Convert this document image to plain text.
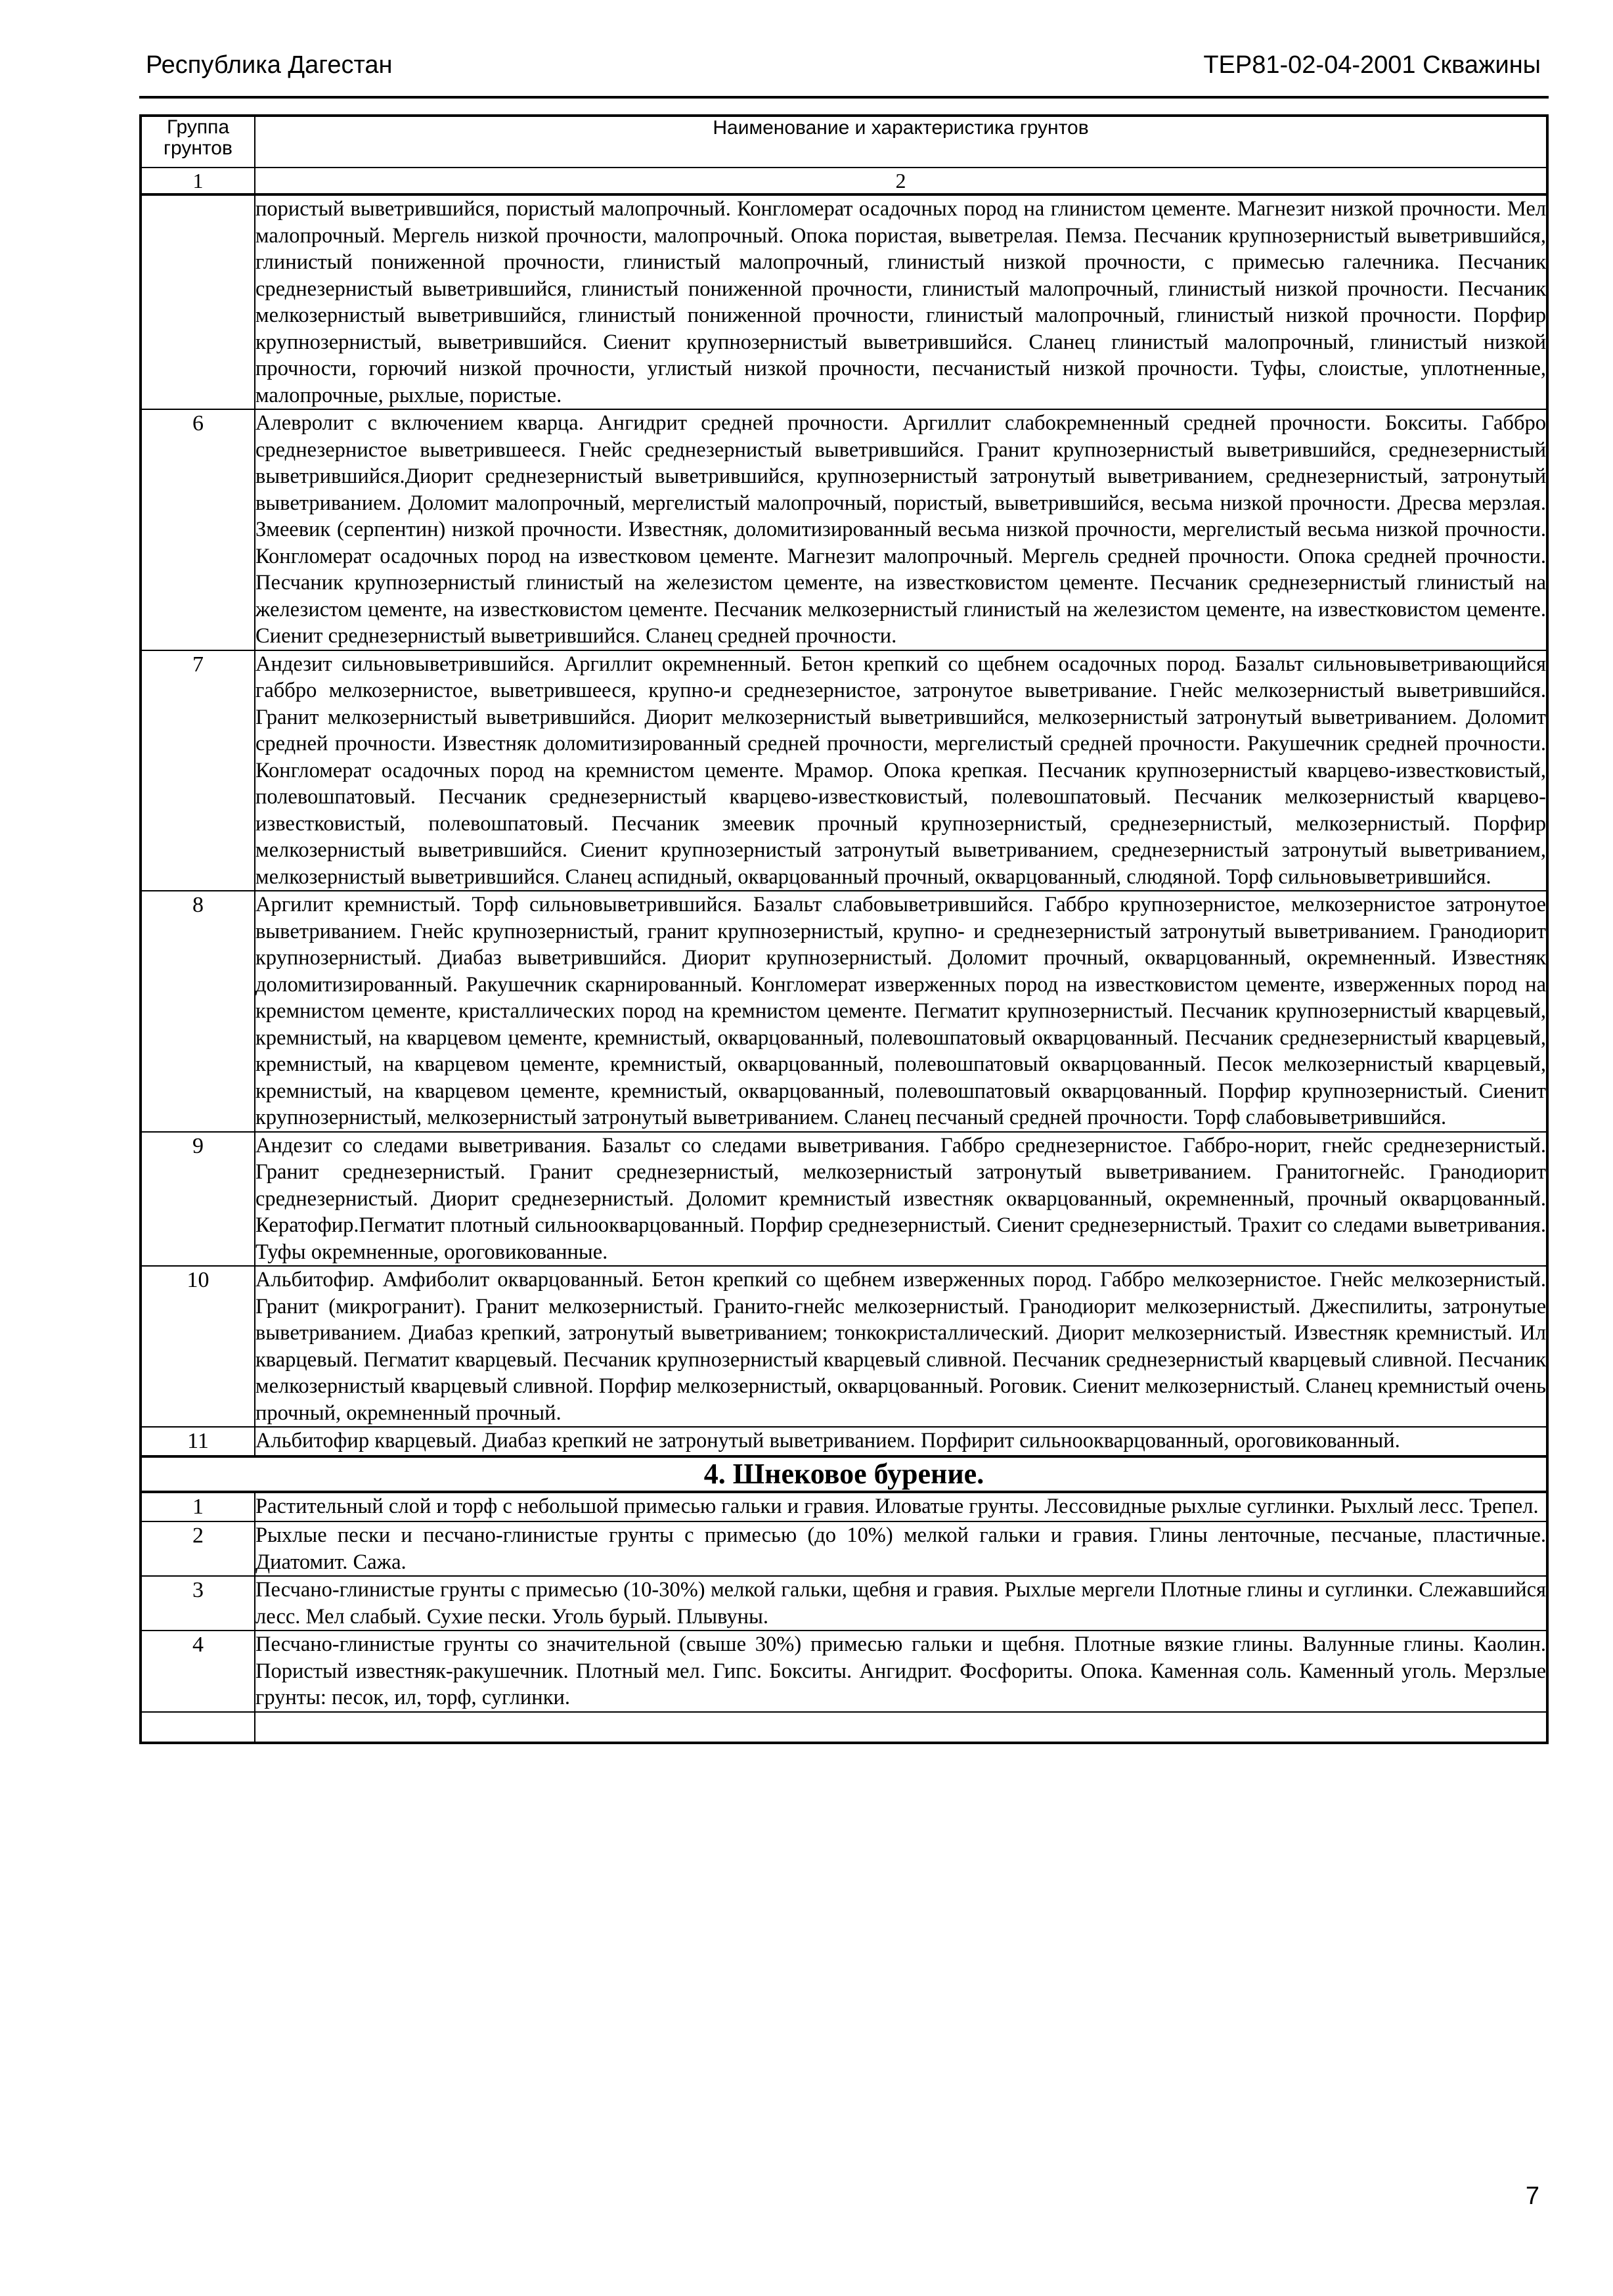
Республика Дагестан	ТЕР81-02-04-2001 Скважины
Группа грунтов	Наименование и характеристика грунтов
1	2
	пористый выветрившийся, пористый малопрочный. Конгломерат осадочных пород на глинистом цементе. Магнезит низкой прочности. Мел малопрочный. Мергель низкой прочности, малопрочный. Опока пористая, выветрелая. Пемза. Песчаник крупнозернистый выветрившийся, глинистый пониженной прочности, глинистый малопрочный, глинистый низкой прочности, с примесью галечника. Песчаник среднезернистый выветрившийся, глинистый пониженной прочности, глинистый малопрочный, глинистый низкой прочности. Песчаник мелкозернистый выветрившийся, глинистый пониженной прочности, глинистый малопрочный, глинистый низкой прочности. Порфир крупнозернистый, выветрившийся. Сиенит крупнозернистый выветрившийся. Сланец глинистый малопрочный, глинистый низкой прочности, горючий низкой прочности, углистый низкой прочности, песчанистый низкой прочности. Туфы, слоистые, уплотненные, малопрочные, рыхлые, пористые.
6	Алевролит с включением кварца. Ангидрит средней прочности. Аргиллит слабокремненный средней прочности. Бокситы. Габбро среднезернистое выветрившееся. Гнейс среднезернистый выветрившийся. Гранит крупнозернистый выветрившийся, среднезернистый выветрившийся.Диорит среднезернистый выветрившийся, крупнозернистый затронутый выветриванием, среднезернистый, затронутый выветриванием. Доломит малопрочный, мергелистый малопрочный, пористый, выветрившийся, весьма низкой прочности. Дресва мерзлая. Змеевик (серпентин) низкой прочности. Известняк, доломитизированный весьма низкой прочности, мергелистый весьма низкой прочности. Конгломерат осадочных пород на известковом цементе. Магнезит малопрочный. Мергель средней прочности. Опока средней прочности. Песчаник крупнозернистый глинистый на железистом цементе, на известковистом цементе. Песчаник среднезернистый глинистый на железистом цементе, на известковистом цементе. Песчаник мелкозернистый глинистый на железистом цементе, на известковистом цементе. Сиенит среднезернистый выветрившийся. Сланец средней прочности.
7	Андезит сильновыветрившийся. Аргиллит окремненный. Бетон крепкий со щебнем осадочных пород. Базальт сильновыветривающийся габбро мелкозернистое, выветрившееся, крупно-и среднезернистое, затронутое выветривание. Гнейс мелкозернистый выветрившийся. Гранит мелкозернистый выветрившийся. Диорит мелкозернистый выветрившийся, мелкозернистый затронутый выветриванием. Доломит средней прочности. Известняк доломитизированный средней прочности, мергелистый средней прочности. Ракушечник средней прочности. Конгломерат осадочных пород на кремнистом цементе. Мрамор. Опока крепкая. Песчаник крупнозернистый кварцево-известковистый, полевошпатовый. Песчаник среднезернистый кварцево-известковистый, полевошпатовый. Песчаник мелкозернистый кварцево-известковистый, полевошпатовый. Песчаник змеевик прочный крупнозернистый, среднезернистый, мелкозернистый. Порфир мелкозернистый выветрившийся. Сиенит крупнозернистый затронутый выветриванием, среднезернистый затронутый выветриванием, мелкозернистый выветрившийся. Сланец аспидный, окварцованный прочный, окварцованный, слюдяной. Торф сильновыветрившийся.
8	Аргилит кремнистый. Торф сильновыветрившийся. Базальт слабовыветрившийся. Габбро крупнозернистое, мелкозернистое затронутое выветриванием. Гнейс крупнозернистый, гранит крупнозернистый, крупно- и среднезернистый затронутый выветриванием. Гранодиорит крупнозернистый. Диабаз выветрившийся. Диорит крупнозернистый. Доломит прочный, окварцованный, окремненный. Известняк доломитизированный. Ракушечник скарнированный. Конгломерат изверженных пород на известковистом цементе, изверженных пород на кремнистом цементе, кристаллических пород на кремнистом цементе. Пегматит крупнозернистый. Песчаник крупнозернистый кварцевый, кремнистый, на кварцевом цементе, кремнистый, окварцованный, полевошпатовый окварцованный. Песчаник среднезернистый кварцевый, кремнистый, на кварцевом цементе, кремнистый, окварцованный, полевошпатовый окварцованный. Песок мелкозернистый кварцевый, кремнистый, на кварцевом цементе, кремнистый, окварцованный, полевошпатовый окварцованный. Порфир крупнозернистый. Сиенит крупнозернистый, мелкозернистый затронутый выветриванием. Сланец песчаный средней прочности. Торф слабовыветрившийся.
9	Андезит со следами выветривания. Базальт со следами выветривания. Габбро среднезернистое. Габбро-норит, гнейс среднезернистый. Гранит среднезернистый. Гранит среднезернистый, мелкозернистый затронутый выветриванием. Гранитогнейс. Гранодиорит среднезернистый. Диорит среднезернистый. Доломит кремнистый известняк окварцованный, окремненный, прочный окварцованный. Кератофир.Пегматит плотный сильноокварцованный. Порфир среднезернистый. Сиенит среднезернистый. Трахит со следами выветривания. Туфы окремненные, ороговикованные.
10	Альбитофир. Амфиболит окварцованный. Бетон крепкий со щебнем изверженных пород. Габбро мелкозернистое. Гнейс мелкозернистый. Гранит (микрогранит). Гранит мелкозернистый. Гранито-гнейс мелкозернистый. Гранодиорит мелкозернистый. Джеспилиты, затронутые выветриванием. Диабаз крепкий, затронутый выветриванием; тонкокристаллический. Диорит мелкозернистый. Известняк кремнистый. Ил кварцевый. Пегматит кварцевый. Песчаник крупнозернистый кварцевый сливной. Песчаник среднезернистый кварцевый сливной. Песчаник мелкозернистый кварцевый сливной. Порфир мелкозернистый, окварцованный. Роговик. Сиенит мелкозернистый. Сланец кремнистый очень прочный, окремненный прочный.
11	Альбитофир кварцевый. Диабаз крепкий не затронутый выветриванием. Порфирит сильноокварцованный, ороговикованный.
4. Шнековое бурение.	
1	Растительный слой и торф с небольшой примесью гальки и гравия. Иловатые грунты. Лессовидные рыхлые суглинки. Рыхлый лесс. Трепел.
2	Рыхлые пески и песчано-глинистые грунты с примесью (до 10%) мелкой гальки и гравия. Глины ленточные, песчаные, пластичные. Диатомит. Сажа.
3	Песчано-глинистые грунты с примесью (10-30%) мелкой гальки, щебня и гравия. Рыхлые мергели Плотные глины и суглинки. Слежавшийся лесс. Мел слабый. Сухие пески. Уголь бурый. Плывуны.
4	Песчано-глинистые грунты со значительной (свыше 30%) примесью гальки и щебня. Плотные вязкие глины. Валунные глины. Каолин. Пористый известняк-ракушечник. Плотный мел. Гипс. Бокситы. Ангидрит. Фосфориты. Опока. Каменная соль. Каменный уголь. Мерзлые грунты: песок, ил, торф, суглинки.

7
